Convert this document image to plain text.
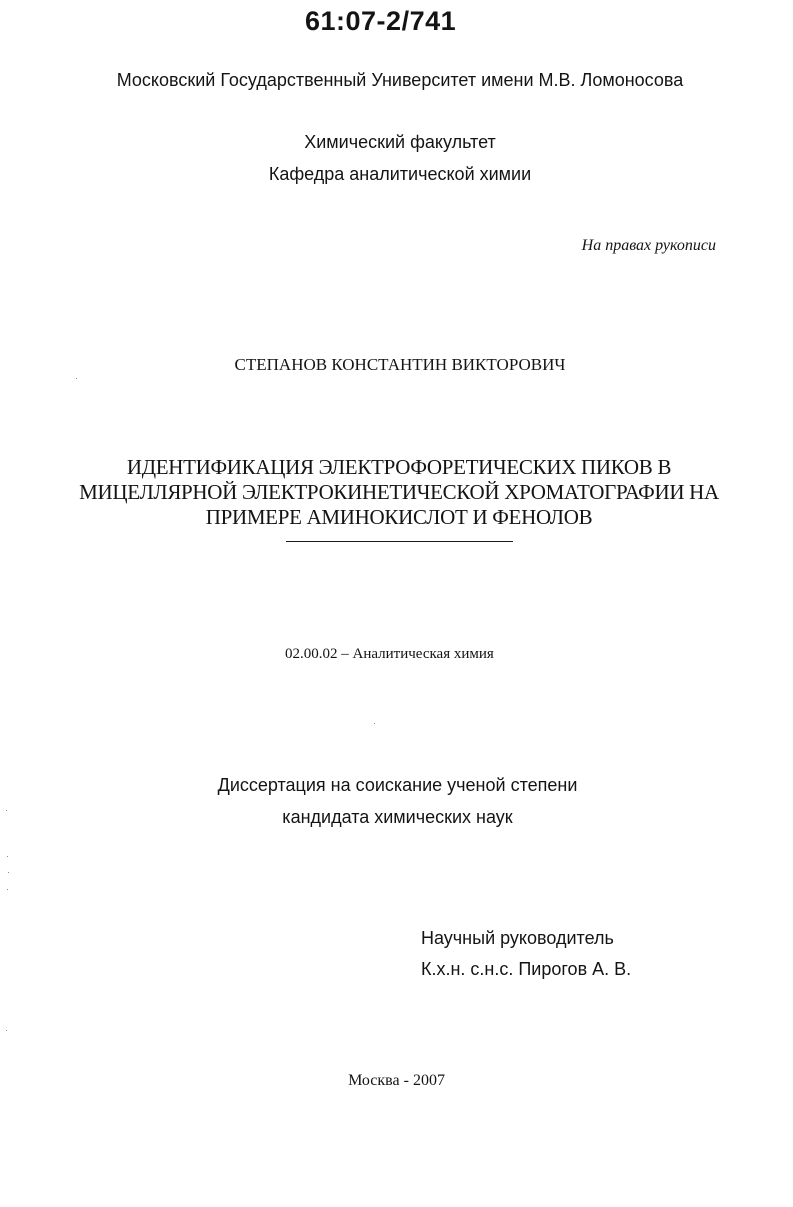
61:07-2/741
Московский Государственный Университет имени М.В. Ломоносова
Химический факультет
Кафедра аналитической химии
На правах рукописи
СТЕПАНОВ КОНСТАНТИН ВИКТОРОВИЧ
ИДЕНТИФИКАЦИЯ ЭЛЕКТРОФОРЕТИЧЕСКИХ ПИКОВ В
МИЦЕЛЛЯРНОЙ ЭЛЕКТРОКИНЕТИЧЕСКОЙ ХРОМАТОГРАФИИ НА
ПРИМЕРЕ АМИНОКИСЛОТ И ФЕНОЛОВ
02.00.02 – Аналитическая химия
Диссертация на соискание ученой степени
кандидата химических наук
Научный руководитель
К.х.н. с.н.с. Пирогов А. В.
Москва - 2007
